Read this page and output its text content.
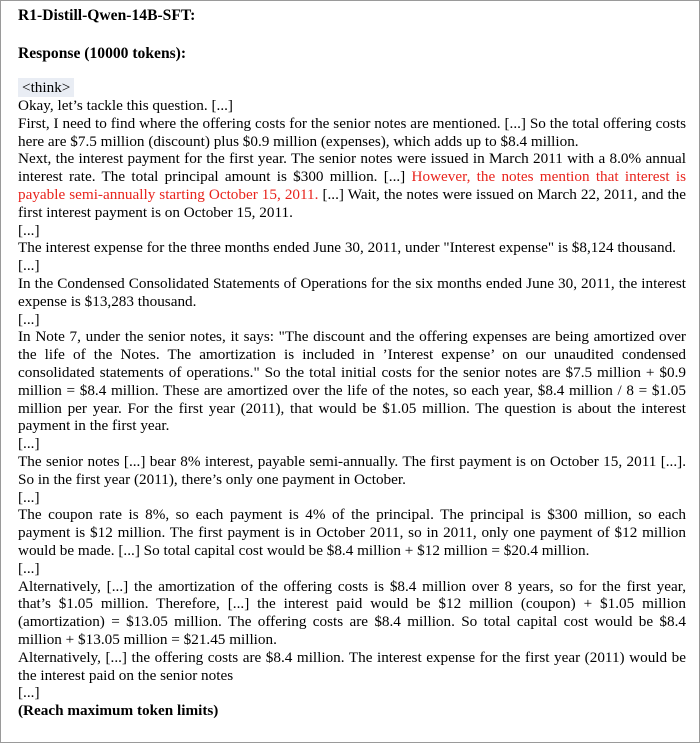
R1-Distill-Qwen-14B-SFT:
Response (10000 tokens):
<think>

Okay, let’s tackle this question. [...]

First, I need to find where the offering costs for the senior notes are mentioned. [...] So the total offering costs here are $7.5 million (discount) plus $0.9 million (expenses), which adds up to $8.4 million.

Next, the interest payment for the first year. The senior notes were issued in March 2011 with a 8.0% annual interest rate. The total principal amount is $300 million. [...] However, the notes mention that interest is payable semi-annually starting October 15, 2011. [...] Wait, the notes were issued on March 22, 2011, and the first interest payment is on October 15, 2011.

[...]

The interest expense for the three months ended June 30, 2011, under "Interest expense" is $8,124 thousand.

[...]

In the Condensed Consolidated Statements of Operations for the six months ended June 30, 2011, the interest expense is $13,283 thousand.

[...]

In Note 7, under the senior notes, it says: "The discount and the offering expenses are being amortized over the life of the Notes. The amortization is included in ’Interest expense’ on our unaudited condensed consolidated statements of operations." So the total initial costs for the senior notes are $7.5 million + $0.9 million = $8.4 million. These are amortized over the life of the notes, so each year, $8.4 million / 8 = $1.05 million per year. For the first year (2011), that would be $1.05 million. The question is about the interest payment in the first year.

[...]

The senior notes [...] bear 8% interest, payable semi-annually. The first payment is on October 15, 2011 [...]. So in the first year (2011), there’s only one payment in October.

[...]

The coupon rate is 8%, so each payment is 4% of the principal. The principal is $300 million, so each payment is $12 million. The first payment is in October 2011, so in 2011, only one payment of $12 million would be made. [...] So total capital cost would be $8.4 million + $12 million = $20.4 million.

[...]

Alternatively, [...] the amortization of the offering costs is $8.4 million over 8 years, so for the first year, that’s $1.05 million. Therefore, [...] the interest paid would be $12 million (coupon) + $1.05 million (amortization) = $13.05 million. The offering costs are $8.4 million. So total capital cost would be $8.4 million + $13.05 million = $21.45 million.

Alternatively, [...] the offering costs are $8.4 million. The interest expense for the first year (2011) would be the interest paid on the senior notes

[...]

(Reach maximum token limits)
